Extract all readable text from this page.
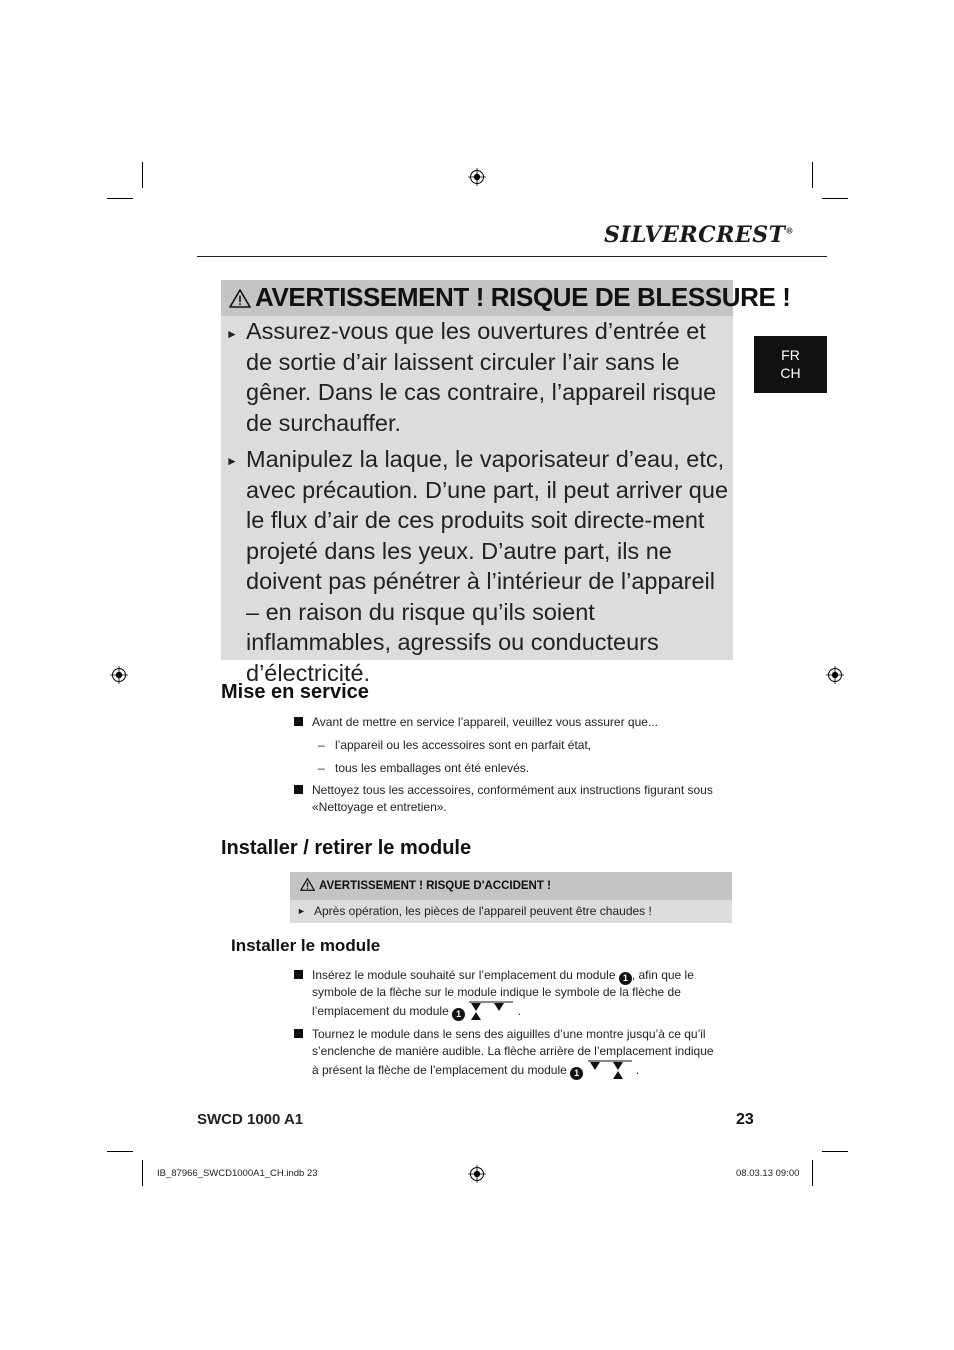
SILVERCREST®
FR
CH
AVERTISSEMENT ! RISQUE DE BLESSURE !
► Assurez-vous que les ouvertures d’entrée et de sortie d’air laissent circuler l’air sans le gêner. Dans le cas contraire, l’appareil risque de surchauffer.
► Manipulez la laque, le vaporisateur d’eau, etc, avec précaution. D’une part, il peut arriver que le flux d’air de ces produits soit directe-ment projeté dans les yeux. D’autre part, ils ne doivent pas pénétrer à l’intérieur de l’appareil – en raison du risque qu’ils soient inflammables, agressifs ou conducteurs d’électricité.
Mise en service
Avant de mettre en service l’appareil, veuillez vous assurer que...
– l’appareil ou les accessoires sont en parfait état,
– tous les emballages ont été enlevés.
Nettoyez tous les accessoires, conformément aux instructions figurant sous
«Nettoyage et entretien».
Installer / retirer le module
AVERTISSEMENT ! RISQUE D'ACCIDENT !
► Après opération, les pièces de l'appareil peuvent être chaudes !
Installer le module
Insérez le module souhaité sur l’emplacement du module 1 , afin que le
symbole de la flèche sur le module indique le symbole de la flèche de
l’emplacement du module 1	.
Tournez le module dans le sens des aiguilles d’une montre jusqu’à ce qu’il
s’enclenche de manière audible. La flèche arrière de l’emplacement indique
à présent la flèche de l’emplacement du module 1	.
SWCD 1000 A1	23
IB_87966_SWCD1000A1_CH.indb 23	08.03.13 09:00
